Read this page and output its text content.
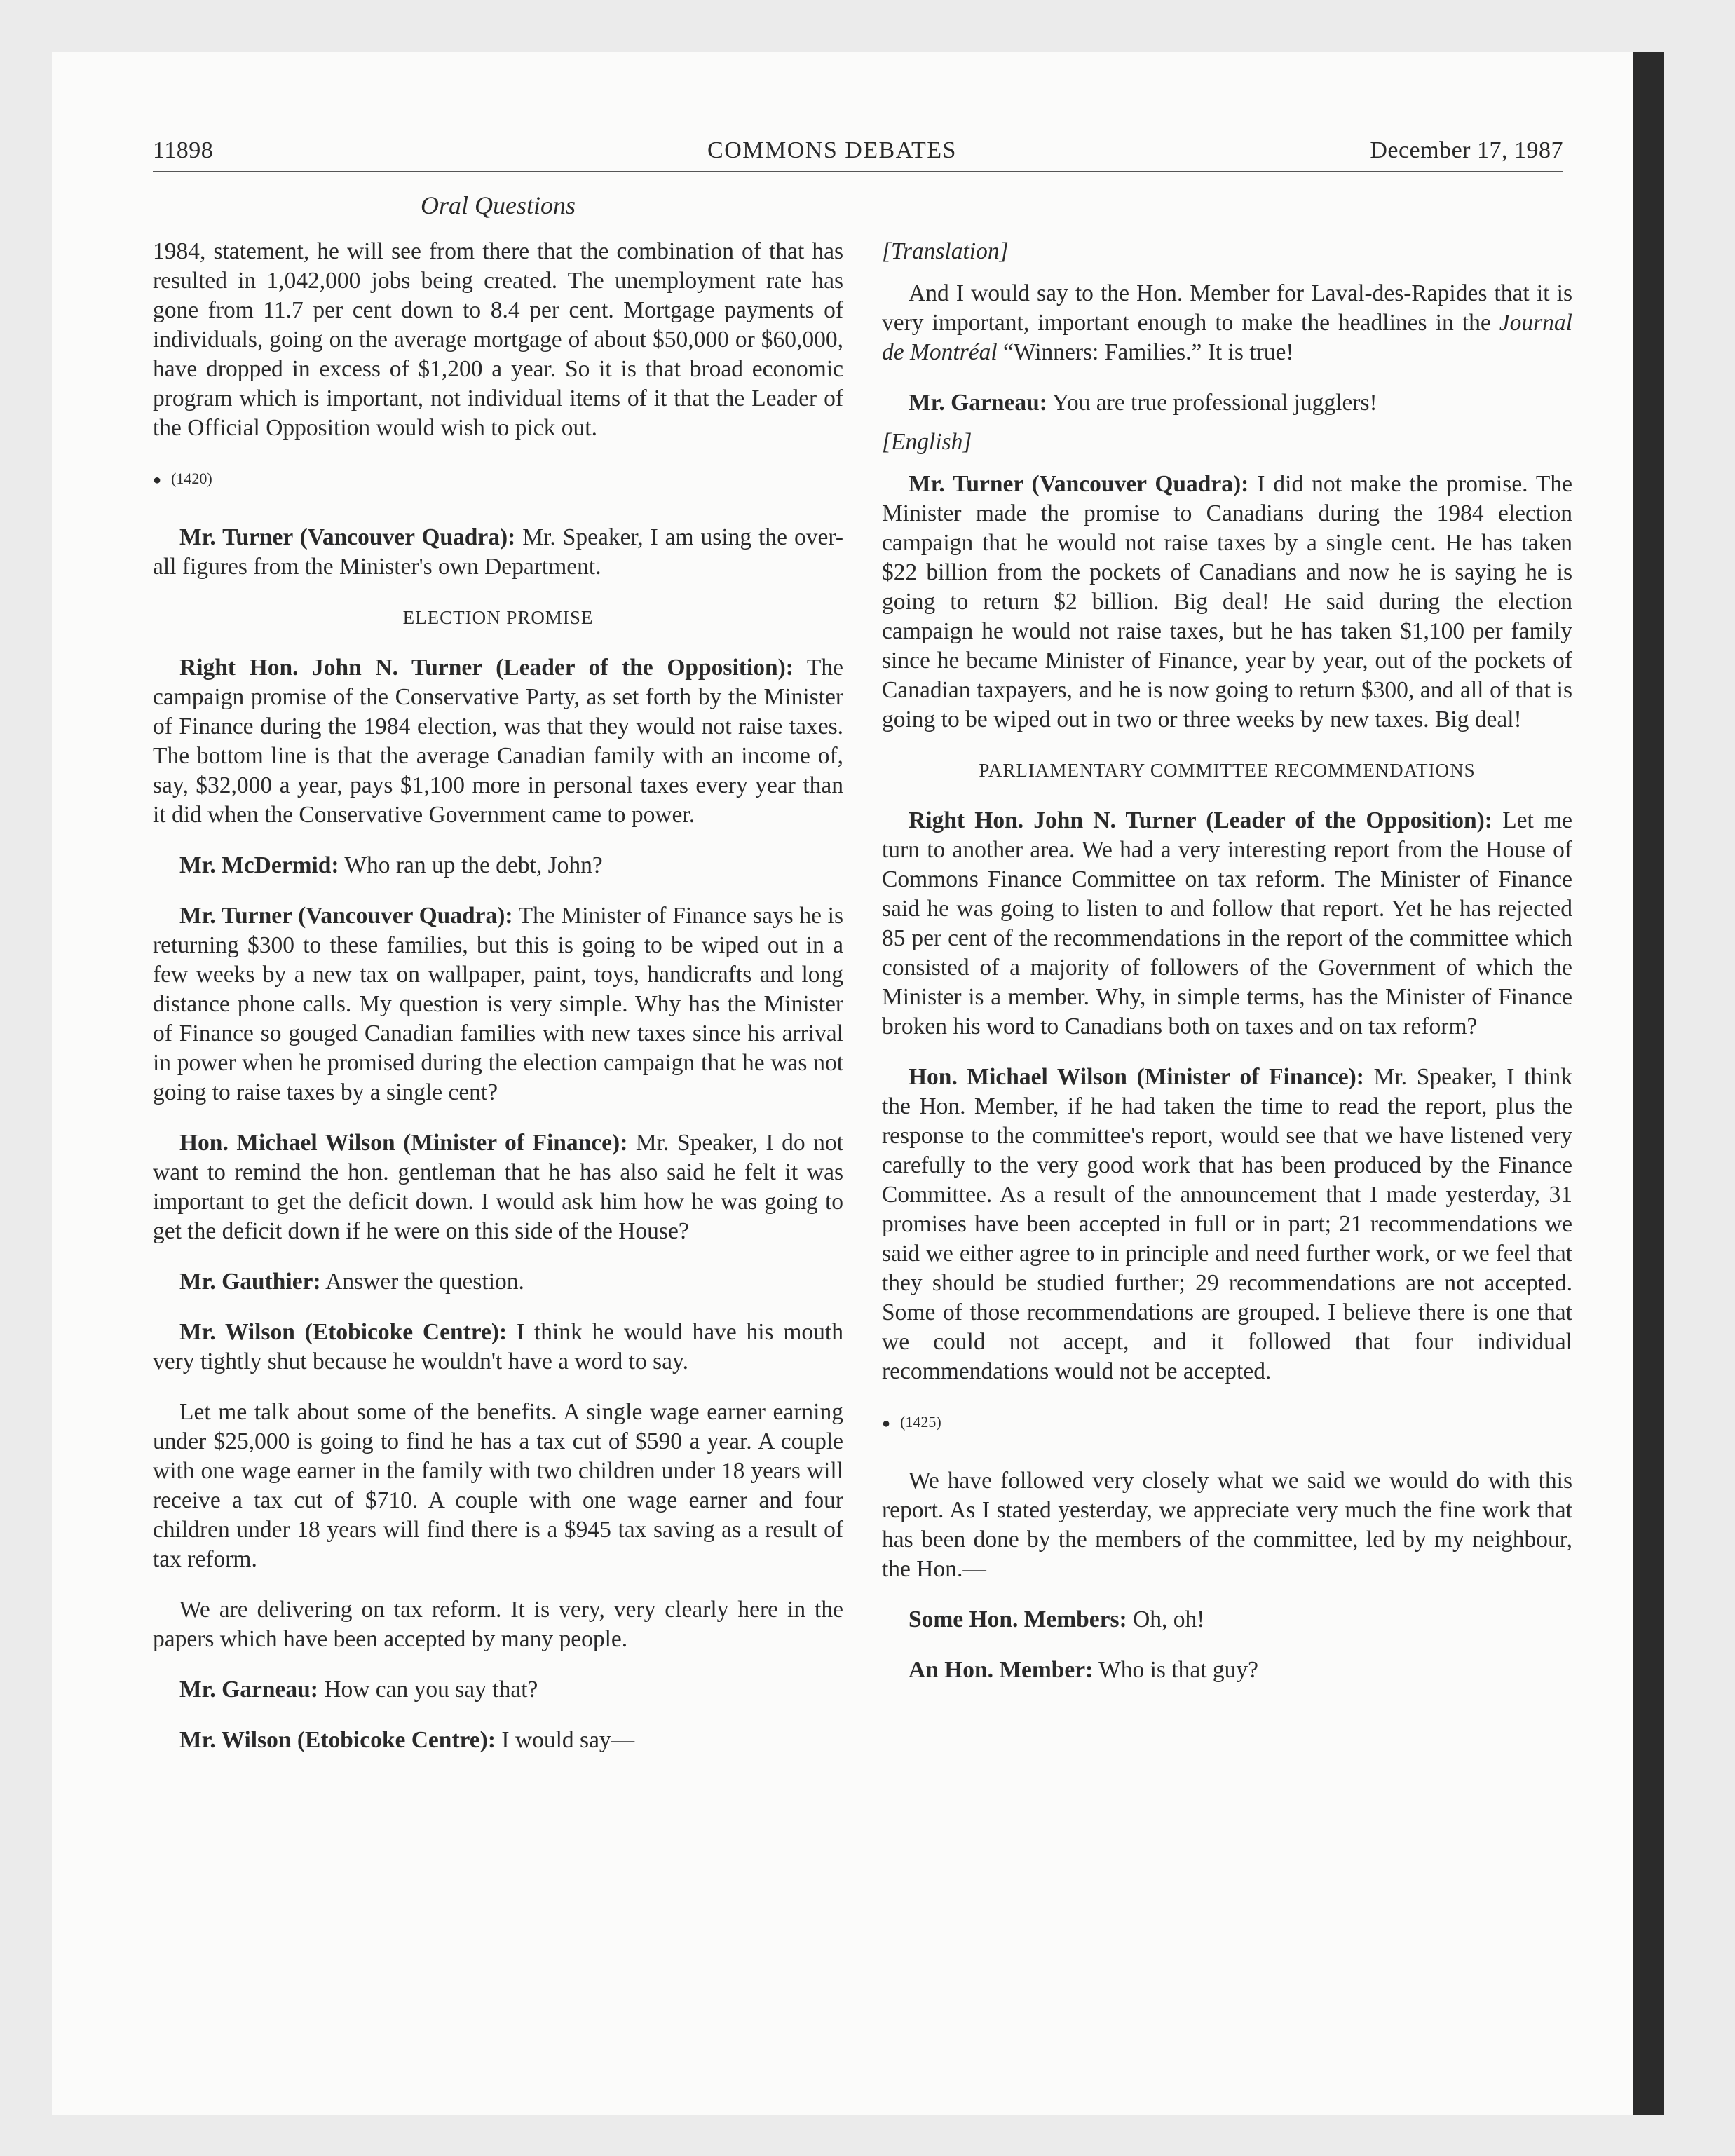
11898	COMMONS DEBATES	December 17, 1987
Oral Questions

1984, statement, he will see from there that the combination of that has resulted in 1,042,000 jobs being created. The unemployment rate has gone from 11.7 per cent down to 8.4 per cent. Mortgage payments of individuals, going on the average mortgage of about $50,000 or $60,000, have dropped in excess of $1,200 a year. So it is that broad economic program which is important, not individual items of it that the Leader of the Official Opposition would wish to pick out.

● (1420)

Mr. Turner (Vancouver Quadra): Mr. Speaker, I am using the over-all figures from the Minister's own Department.

ELECTION PROMISE

Right Hon. John N. Turner (Leader of the Opposition): The campaign promise of the Conservative Party, as set forth by the Minister of Finance during the 1984 election, was that they would not raise taxes. The bottom line is that the average Canadian family with an income of, say, $32,000 a year, pays $1,100 more in personal taxes every year than it did when the Conservative Government came to power.

Mr. McDermid: Who ran up the debt, John?

Mr. Turner (Vancouver Quadra): The Minister of Finance says he is returning $300 to these families, but this is going to be wiped out in a few weeks by a new tax on wallpaper, paint, toys, handicrafts and long distance phone calls. My question is very simple. Why has the Minister of Finance so gouged Canadian families with new taxes since his arrival in power when he promised during the election campaign that he was not going to raise taxes by a single cent?

Hon. Michael Wilson (Minister of Finance): Mr. Speaker, I do not want to remind the hon. gentleman that he has also said he felt it was important to get the deficit down. I would ask him how he was going to get the deficit down if he were on this side of the House?

Mr. Gauthier: Answer the question.

Mr. Wilson (Etobicoke Centre): I think he would have his mouth very tightly shut because he wouldn't have a word to say.

Let me talk about some of the benefits. A single wage earner earning under $25,000 is going to find he has a tax cut of $590 a year. A couple with one wage earner in the family with two children under 18 years will receive a tax cut of $710. A couple with one wage earner and four children under 18 years will find there is a $945 tax saving as a result of tax reform.

We are delivering on tax reform. It is very, very clearly here in the papers which have been accepted by many people.

Mr. Garneau: How can you say that?

Mr. Wilson (Etobicoke Centre): I would say—

[Translation]

And I would say to the Hon. Member for Laval-des-Rapides that it is very important, important enough to make the headlines in the Journal de Montréal “Winners: Families.” It is true!

Mr. Garneau: You are true professional jugglers!

[English]

Mr. Turner (Vancouver Quadra): I did not make the promise. The Minister made the promise to Canadians during the 1984 election campaign that he would not raise taxes by a single cent. He has taken $22 billion from the pockets of Canadians and now he is saying he is going to return $2 billion. Big deal! He said during the election campaign he would not raise taxes, but he has taken $1,100 per family since he became Minister of Finance, year by year, out of the pockets of Canadian taxpayers, and he is now going to return $300, and all of that is going to be wiped out in two or three weeks by new taxes. Big deal!

PARLIAMENTARY COMMITTEE RECOMMENDATIONS

Right Hon. John N. Turner (Leader of the Opposition): Let me turn to another area. We had a very interesting report from the House of Commons Finance Committee on tax reform. The Minister of Finance said he was going to listen to and follow that report. Yet he has rejected 85 per cent of the recommendations in the report of the committee which consisted of a majority of followers of the Government of which the Minister is a member. Why, in simple terms, has the Minister of Finance broken his word to Canadians both on taxes and on tax reform?

Hon. Michael Wilson (Minister of Finance): Mr. Speaker, I think the Hon. Member, if he had taken the time to read the report, plus the response to the committee's report, would see that we have listened very carefully to the very good work that has been produced by the Finance Committee. As a result of the announcement that I made yesterday, 31 promises have been accepted in full or in part; 21 recommendations we said we either agree to in principle and need further work, or we feel that they should be studied further; 29 recommendations are not accepted. Some of those recommendations are grouped. I believe there is one that we could not accept, and it followed that four individual recommendations would not be accepted.

● (1425)

We have followed very closely what we said we would do with this report. As I stated yesterday, we appreciate very much the fine work that has been done by the members of the committee, led by my neighbour, the Hon.—

Some Hon. Members: Oh, oh!

An Hon. Member: Who is that guy?
